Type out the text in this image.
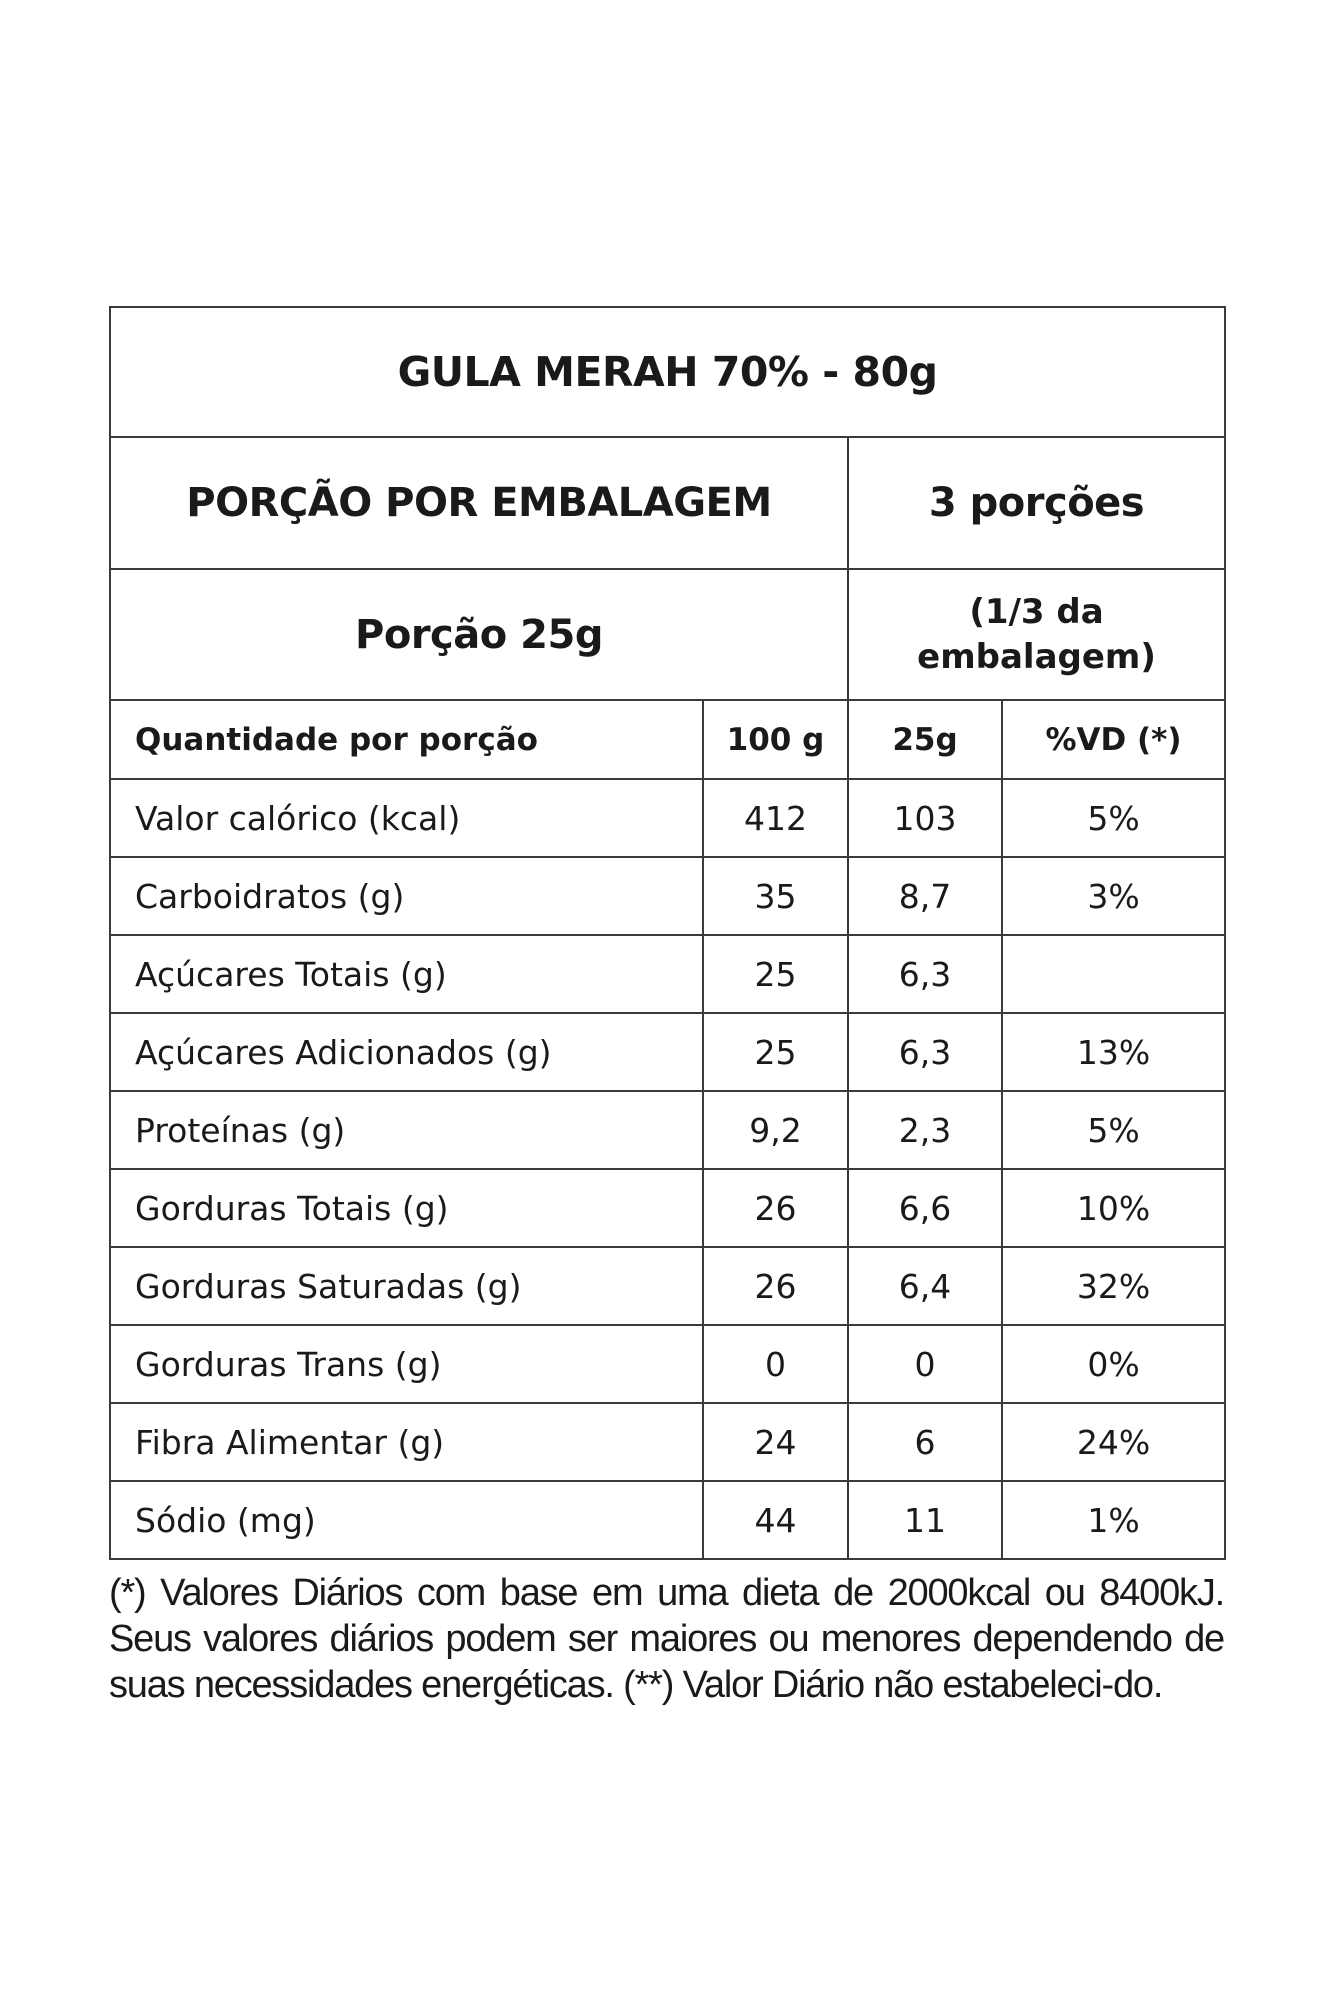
GULA MERAH 70% - 80g			
PORÇÃO POR EMBALAGEM		3 porções	
Porção 25g		(1/3 da
embalagem)	
Quantidade por porção	100 g	25g	%VD (*)
Valor calórico (kcal)	412	103	5%
Carboidratos (g)	35	8,7	3%
Açúcares Totais (g)	25	6,3	
Açúcares Adicionados (g)	25	6,3	13%
Proteínas (g)	9,2	2,3	5%
Gorduras Totais (g)	26	6,6	10%
Gorduras Saturadas (g)	26	6,4	32%
Gorduras Trans (g)	0	0	0%
Fibra Alimentar (g)	24	6	24%
Sódio (mg)	44	11	1%
(*) Valores Diários com base em uma dieta de 2000kcal ou 8400kJ. Seus valores diários podem ser maiores ou menores dependendo de suas necessidades energéticas. (**) Valor Diário não estabeleci-do.
